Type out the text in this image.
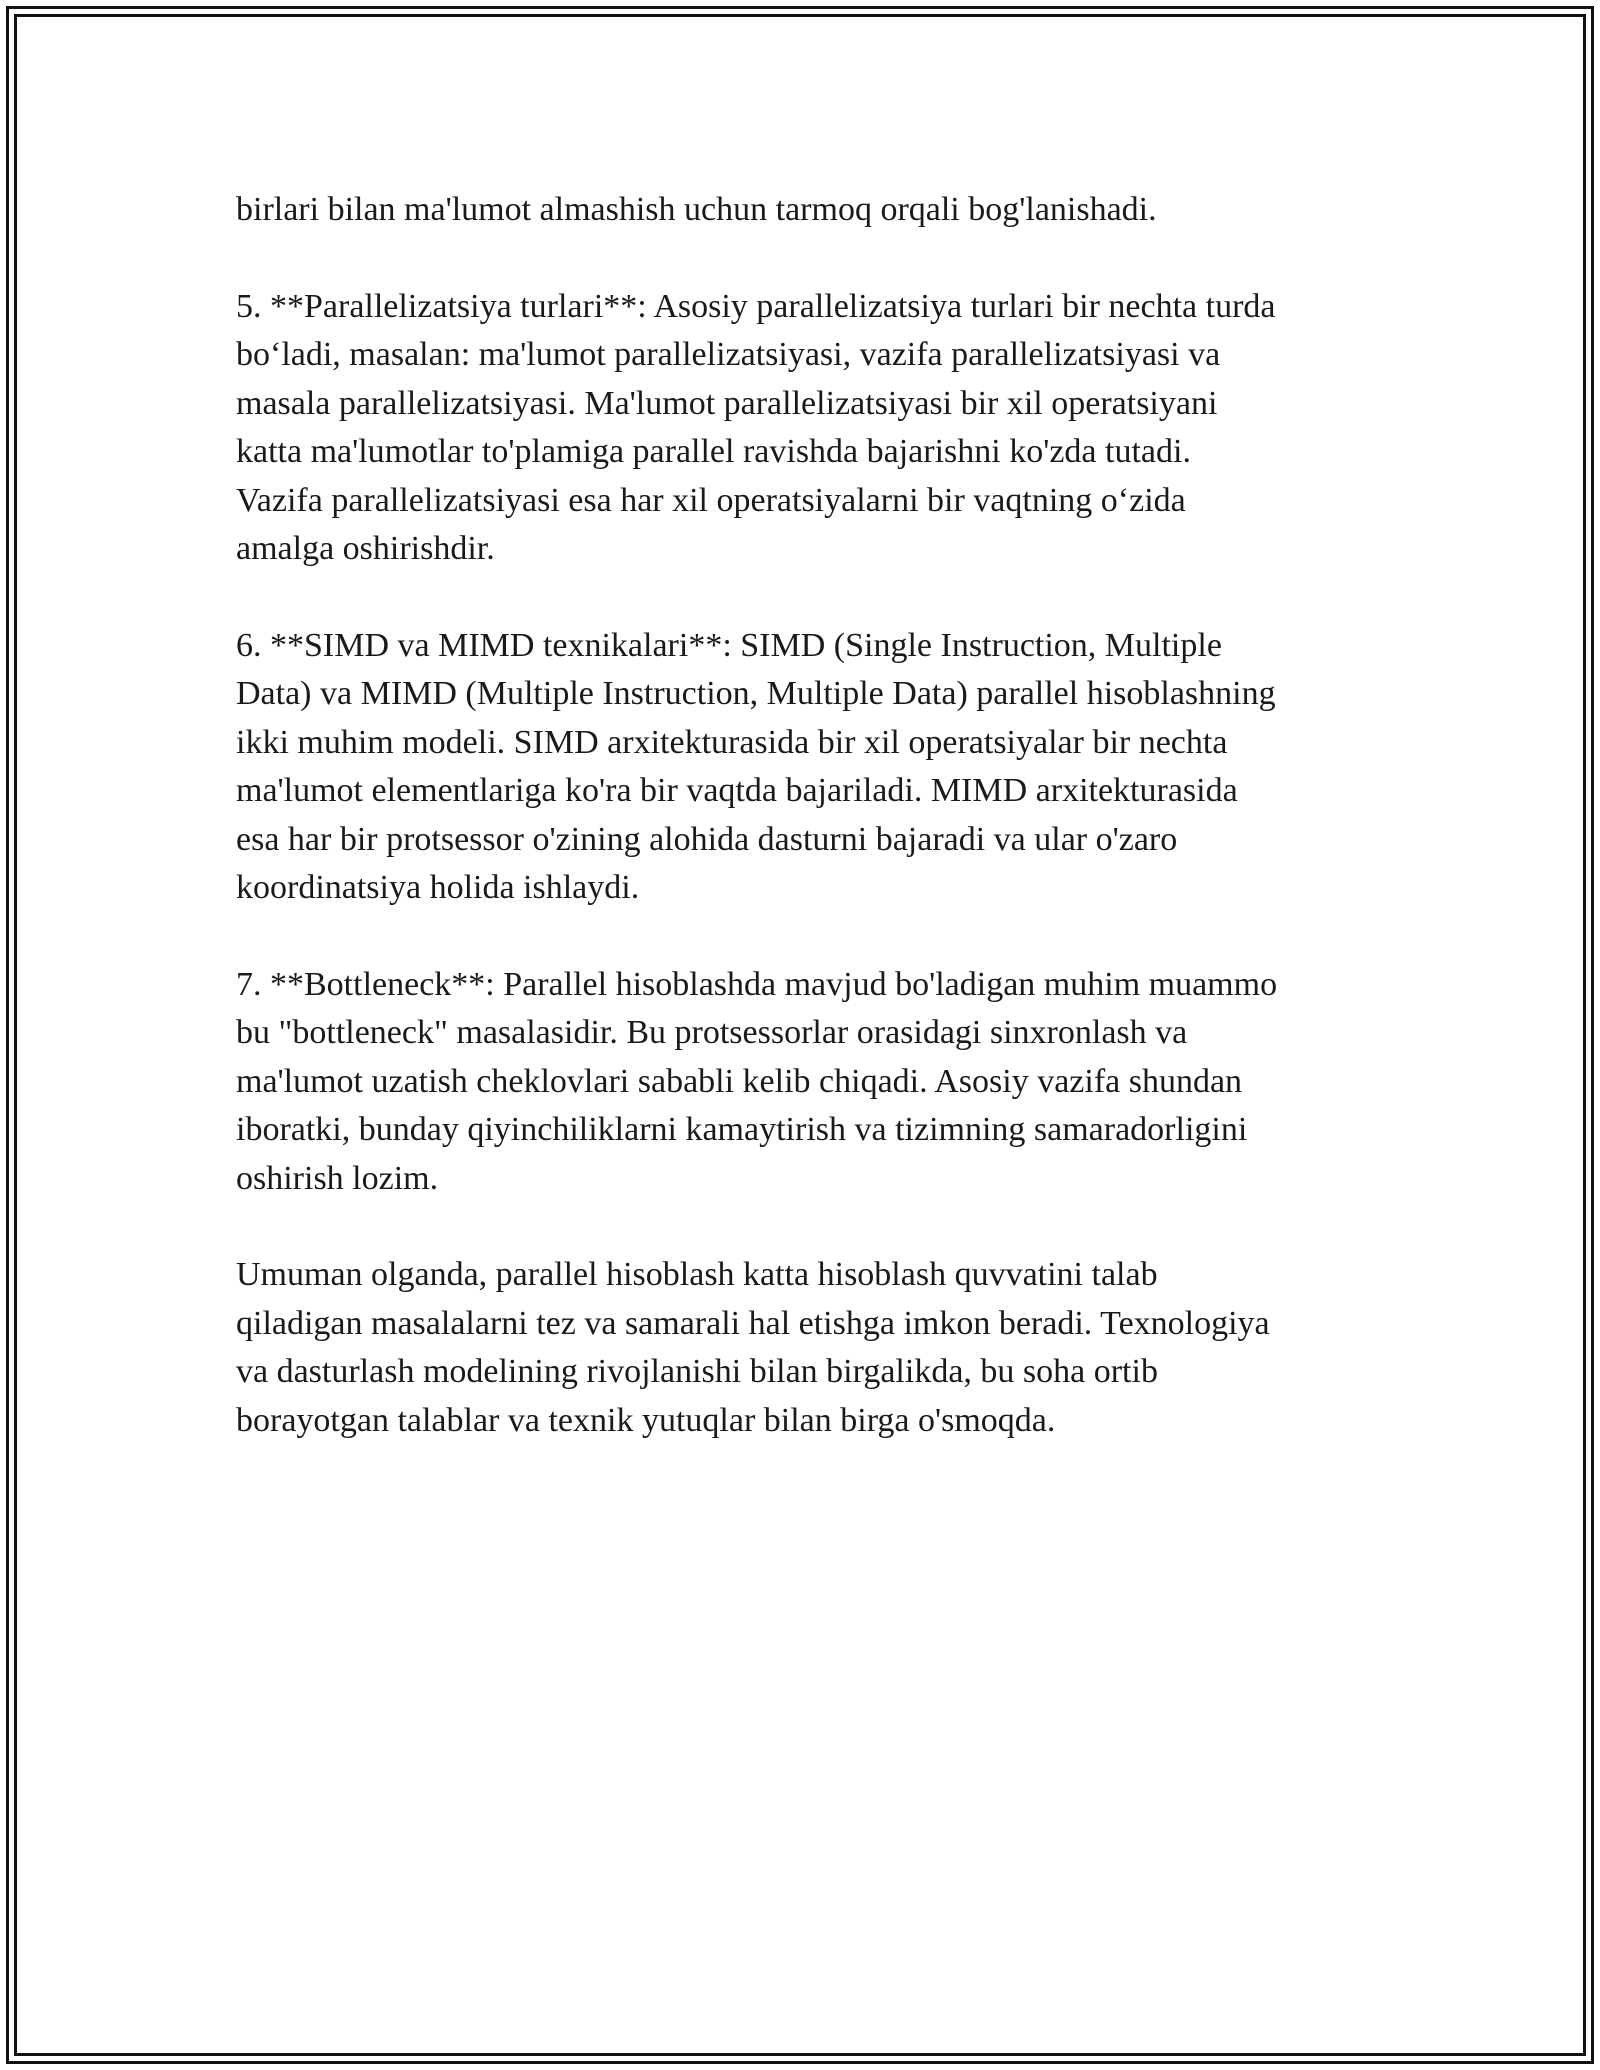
birlari bilan ma'lumot almashish uchun tarmoq orqali bog'lanishadi.

5. **Parallelizatsiya turlari**: Asosiy parallelizatsiya turlari bir nechta turda
bo‘ladi, masalan: ma'lumot parallelizatsiyasi, vazifa parallelizatsiyasi va
masala parallelizatsiyasi. Ma'lumot parallelizatsiyasi bir xil operatsiyani
katta ma'lumotlar to'plamiga parallel ravishda bajarishni ko'zda tutadi.
Vazifa parallelizatsiyasi esa har xil operatsiyalarni bir vaqtning o‘zida
amalga oshirishdir.

6. **SIMD va MIMD texnikalari**: SIMD (Single Instruction, Multiple
Data) va MIMD (Multiple Instruction, Multiple Data) parallel hisoblashning
ikki muhim modeli. SIMD arxitekturasida bir xil operatsiyalar bir nechta
ma'lumot elementlariga ko'ra bir vaqtda bajariladi. MIMD arxitekturasida
esa har bir protsessor o'zining alohida dasturni bajaradi va ular o'zaro
koordinatsiya holida ishlaydi.

7. **Bottleneck**: Parallel hisoblashda mavjud bo'ladigan muhim muammo
bu "bottleneck" masalasidir. Bu protsessorlar orasidagi sinxronlash va
ma'lumot uzatish cheklovlari sababli kelib chiqadi. Asosiy vazifa shundan
iboratki, bunday qiyinchiliklarni kamaytirish va tizimning samaradorligini
oshirish lozim.

Umuman olganda, parallel hisoblash katta hisoblash quvvatini talab
qiladigan masalalarni tez va samarali hal etishga imkon beradi. Texnologiya
va dasturlash modelining rivojlanishi bilan birgalikda, bu soha ortib
borayotgan talablar va texnik yutuqlar bilan birga o'smoqda.
